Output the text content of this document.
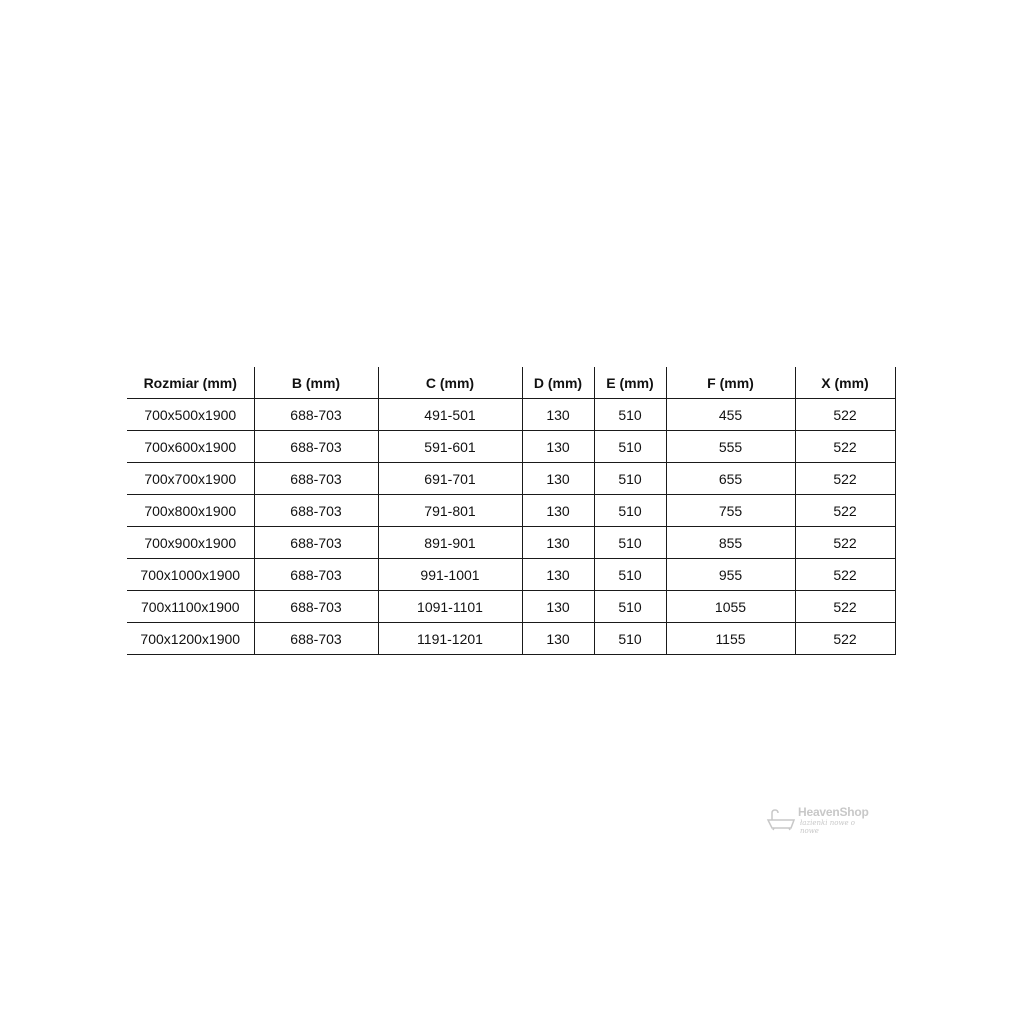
Rozmiar (mm)	B (mm)	C (mm)	D (mm)	E (mm)	F (mm)	X (mm)
700x500x1900	688-703	491-501	130	510	455	522
700x600x1900	688-703	591-601	130	510	555	522
700x700x1900	688-703	691-701	130	510	655	522
700x800x1900	688-703	791-801	130	510	755	522
700x900x1900	688-703	891-901	130	510	855	522
700x1000x1900	688-703	991-1001	130	510	955	522
700x1100x1900	688-703	1091-1101	130	510	1055	522
700x1200x1900	688-703	1191-1201	130	510	1155	522
HeavenShop
łazienki nowe o nowe
